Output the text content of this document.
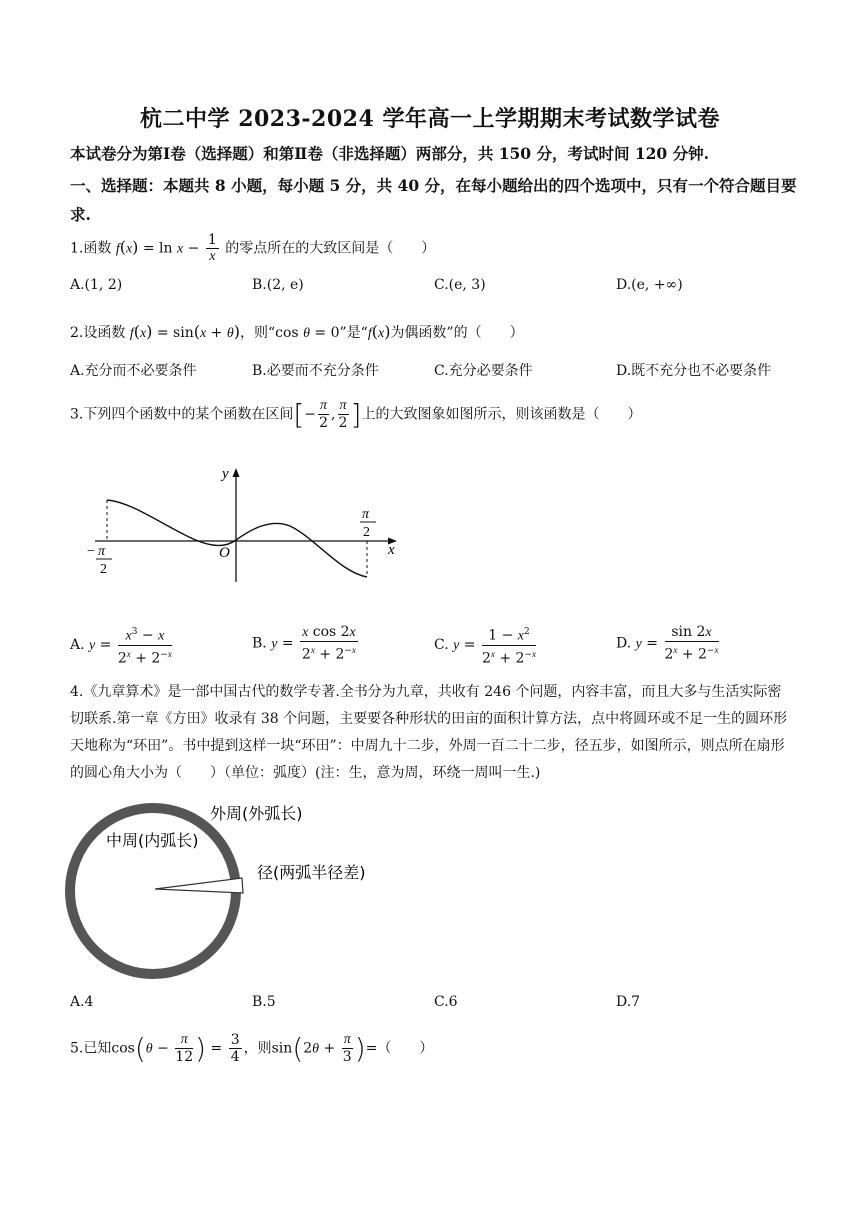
杭二中学 2023-2024 学年高一上学期期末考试数学试卷
本试卷分为第Ⅰ卷（选择题）和第Ⅱ卷（非选择题）两部分，共 150 分，考试时间 120 分钟.
一、选择题：本题共 8 小题，每小题 5 分，共 40 分，在每小题给出的四个选项中，只有一个符合题目要求.
1.函数 $f(x) = \ln x - \frac{1}{x}$ 的零点所在的大致区间是（　　）
A.(1, 2)	B.(2, e)	C.(e, 3)	D.(e, +∞)
2.设函数 f(x) = sin(x + θ)，则“cos θ = 0”是“f(x)为偶函数”的（　　）
A.充分而不必要条件	B.必要而不充分条件	C.充分必要条件	D.既不充分也不必要条件
3.下列四个函数中的某个函数在区间[− $\frac{\pi}{2}$ , $\frac{\pi}{2}$ ]上的大致图象如图所示，则该函数是（　　）
y
x
O
− π
2
π
2
A. $y = \frac{x^3 - x}{2^x + 2^{-x}}$	B. $y = \frac{\text{x cos 2x}}{2^x + 2^{-x}}$	C. $y = \frac{1 - x^2}{2^x + 2^{-x}}$	D. $y = \frac{\sin 2x}{2^x + 2^{-x}}$
4.《九章算术》是一部中国古代的数学专著.全书分为九章，共收有 246 个问题，内容丰富，而且大多与生活实际密切联系.第一章《方田》收录有 38 个问题，主要要各种形状的田亩的面积计算方法，点中将圆环或不足一生的圆环形天地称为“环田”。书中提到这样一块“环田”：中周九十二步，外周一百二十二步，径五步，如图所示，则点所在扇形的圆心角大小为（　　）（单位：弧度）(注：生，意为周，环绕一周叫一生.)
外周(外弧长)
中周(内弧长)
径(两弧半径差)
A.4	B.5	C.6	D.7
5.已知$\cos(\theta - \frac{\pi}{12}$ ) = $\frac{3}{4}$ ，则$\sin(2\theta + \frac{\pi}{3}$ )=（　　）
